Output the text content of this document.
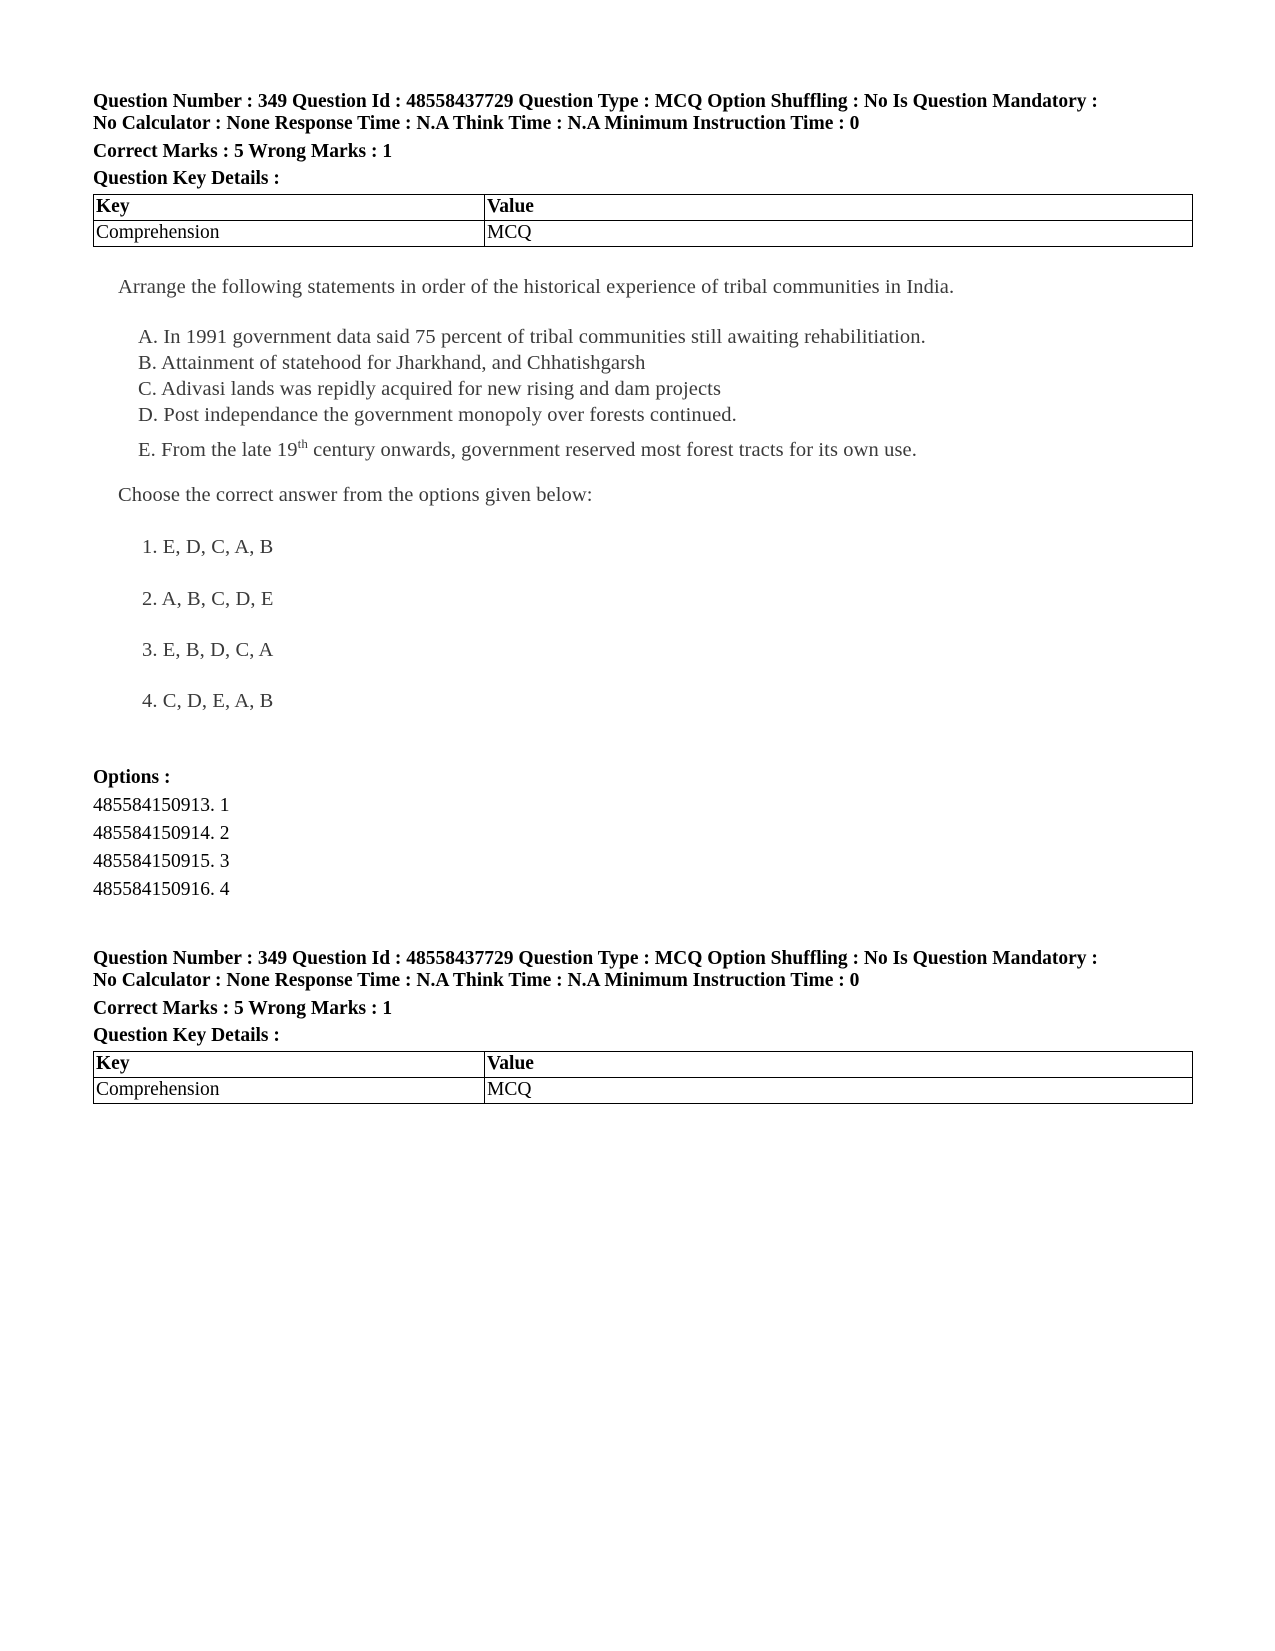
Question Number : 349 Question Id : 48558437729 Question Type : MCQ Option Shuffling : No Is Question Mandatory :
No Calculator : None Response Time : N.A Think Time : N.A Minimum Instruction Time : 0
Correct Marks : 5 Wrong Marks : 1
Question Key Details :
Key	Value
Comprehension	MCQ
Arrange the following statements in order of the historical experience of tribal communities in India.
A. In 1991 government data said 75 percent of tribal communities still awaiting rehabilitiation.
B. Attainment of statehood for Jharkhand, and Chhatishgarsh
C. Adivasi lands was repidly acquired for new rising and dam projects
D. Post independance the government monopoly over forests continued.
E. From the late 19th century onwards, government reserved most forest tracts for its own use.
Choose the correct answer from the options given below:
1. E, D, C, A, B
2. A, B, C, D, E
3. E, B, D, C, A
4. C, D, E, A, B
Options :
485584150913. 1
485584150914. 2
485584150915. 3
485584150916. 4
Question Number : 349 Question Id : 48558437729 Question Type : MCQ Option Shuffling : No Is Question Mandatory :
No Calculator : None Response Time : N.A Think Time : N.A Minimum Instruction Time : 0
Correct Marks : 5 Wrong Marks : 1
Question Key Details :
Key	Value
Comprehension	MCQ
